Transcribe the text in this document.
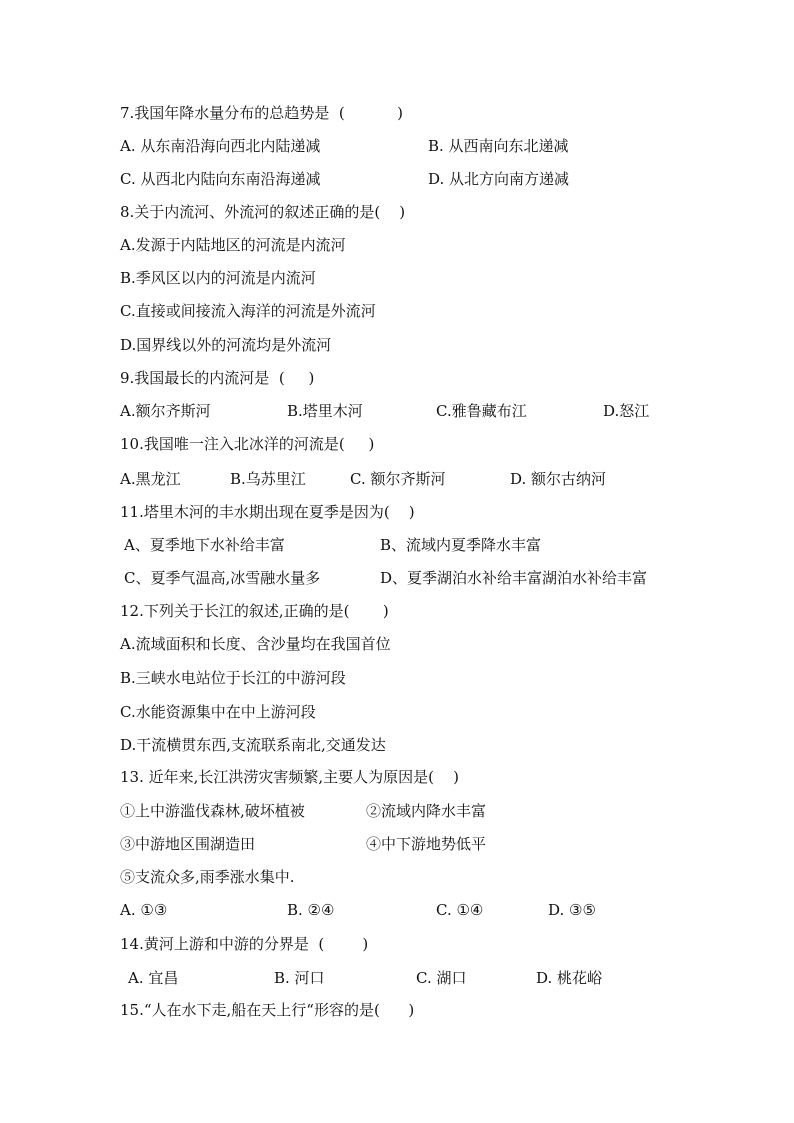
7.我国年降水量分布的总趋势是  (           )
A. 从东南沿海向西北内陆递减	B. 从西南向东北递减
C. 从西北内陆向东南沿海递减	D. 从北方向南方递减
8.关于内流河、外流河的叙述正确的是(    )
A.发源于内陆地区的河流是内流河
B.季风区以内的河流是内流河
C.直接或间接流入海洋的河流是外流河
D.国界线以外的河流均是外流河
9.我国最长的内流河是  (     )
A.额尔齐斯河	B.塔里木河	C.雅鲁藏布江	D.怒江
10.我国唯一注入北冰洋的河流是(     )
A.黑龙江	B.乌苏里江	C. 额尔齐斯河	D. 额尔古纳河
11.塔里木河的丰水期出现在夏季是因为(    )
A、夏季地下水补给丰富	B、流域内夏季降水丰富
C、夏季气温高,冰雪融水量多	D、夏季湖泊水补给丰富湖泊水补给丰富
12.下列关于长江的叙述,正确的是(       )
A.流域面积和长度、含沙量均在我国首位
B.三峡水电站位于长江的中游河段
C.水能资源集中在中上游河段
D.干流横贯东西,支流联系南北,交通发达
13. 近年来,长江洪涝灾害频繁,主要人为原因是(    )
①上中游滥伐森林,破坏植被	②流域内降水丰富
③中游地区围湖造田	④中下游地势低平
⑤支流众多,雨季涨水集中.
A. ①③	B. ②④	C. ①④	D. ③⑤
14.黄河上游和中游的分界是  (        )
A. 宜昌	B. 河口	C. 湖口	D. 桃花峪
15.“人在水下走,船在天上行“形容的是(      )
